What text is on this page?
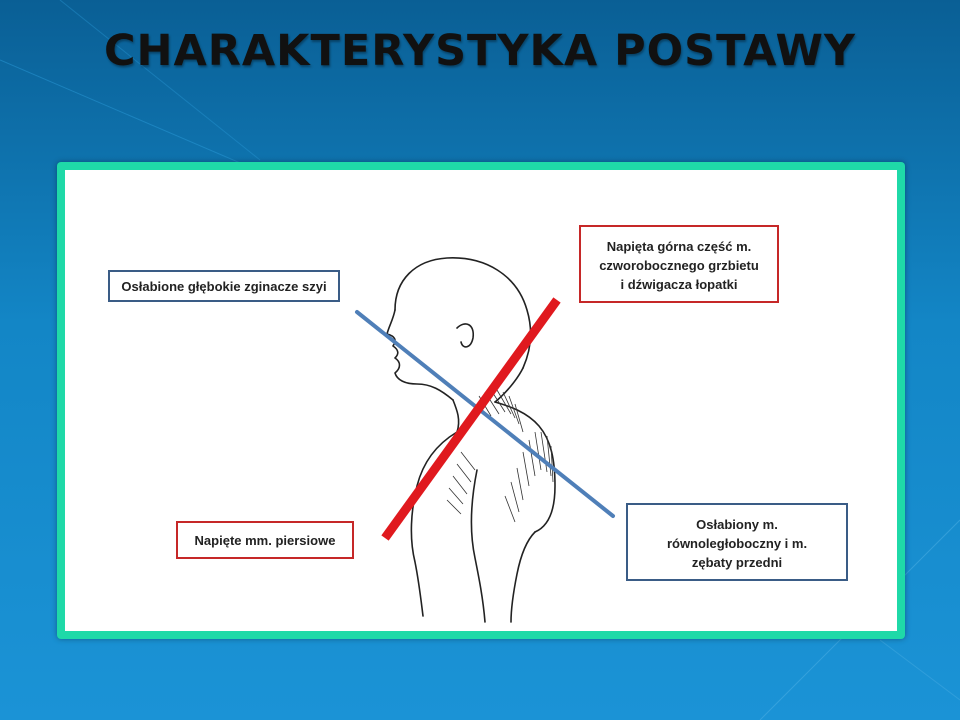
CHARAKTERYSTYKA POSTAWY
Osłabione głębokie zginacze szyi
Napięta górna część m.
czworobocznego grzbietu
i dźwigacza łopatki
Napięte mm. piersiowe
Osłabiony m.
równoległoboczny i m.
zębaty przedni
